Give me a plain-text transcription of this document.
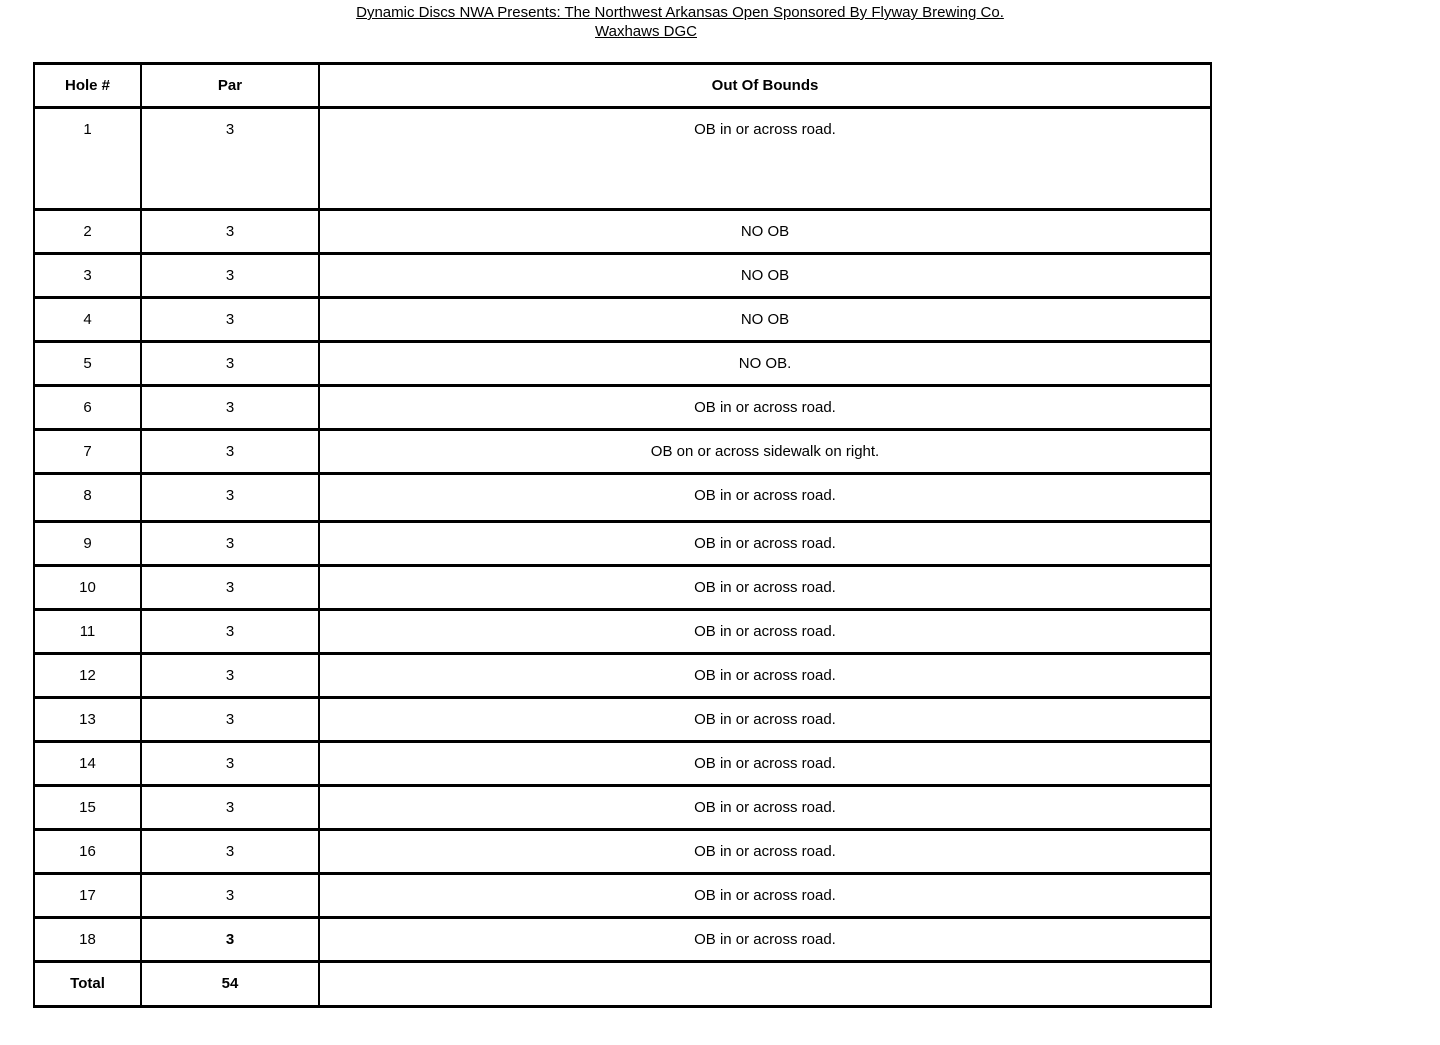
Dynamic Discs NWA Presents: The Northwest Arkansas Open Sponsored By Flyway Brewing Co.
Waxhaws DGC
Hole #	Par	Out Of Bounds
1	3	OB in or across road.
2	3	NO OB
3	3	NO OB
4	3	NO OB
5	3	NO OB.
6	3	OB in or across road.
7	3	OB on or across sidewalk on right.
8	3	OB in or across road.
9	3	OB in or across road.
10	3	OB in or across road.
11	3	OB in or across road.
12	3	OB in or across road.
13	3	OB in or across road.
14	3	OB in or across road.
15	3	OB in or across road.
16	3	OB in or across road.
17	3	OB in or across road.
18	3	OB in or across road.
Total	54	
